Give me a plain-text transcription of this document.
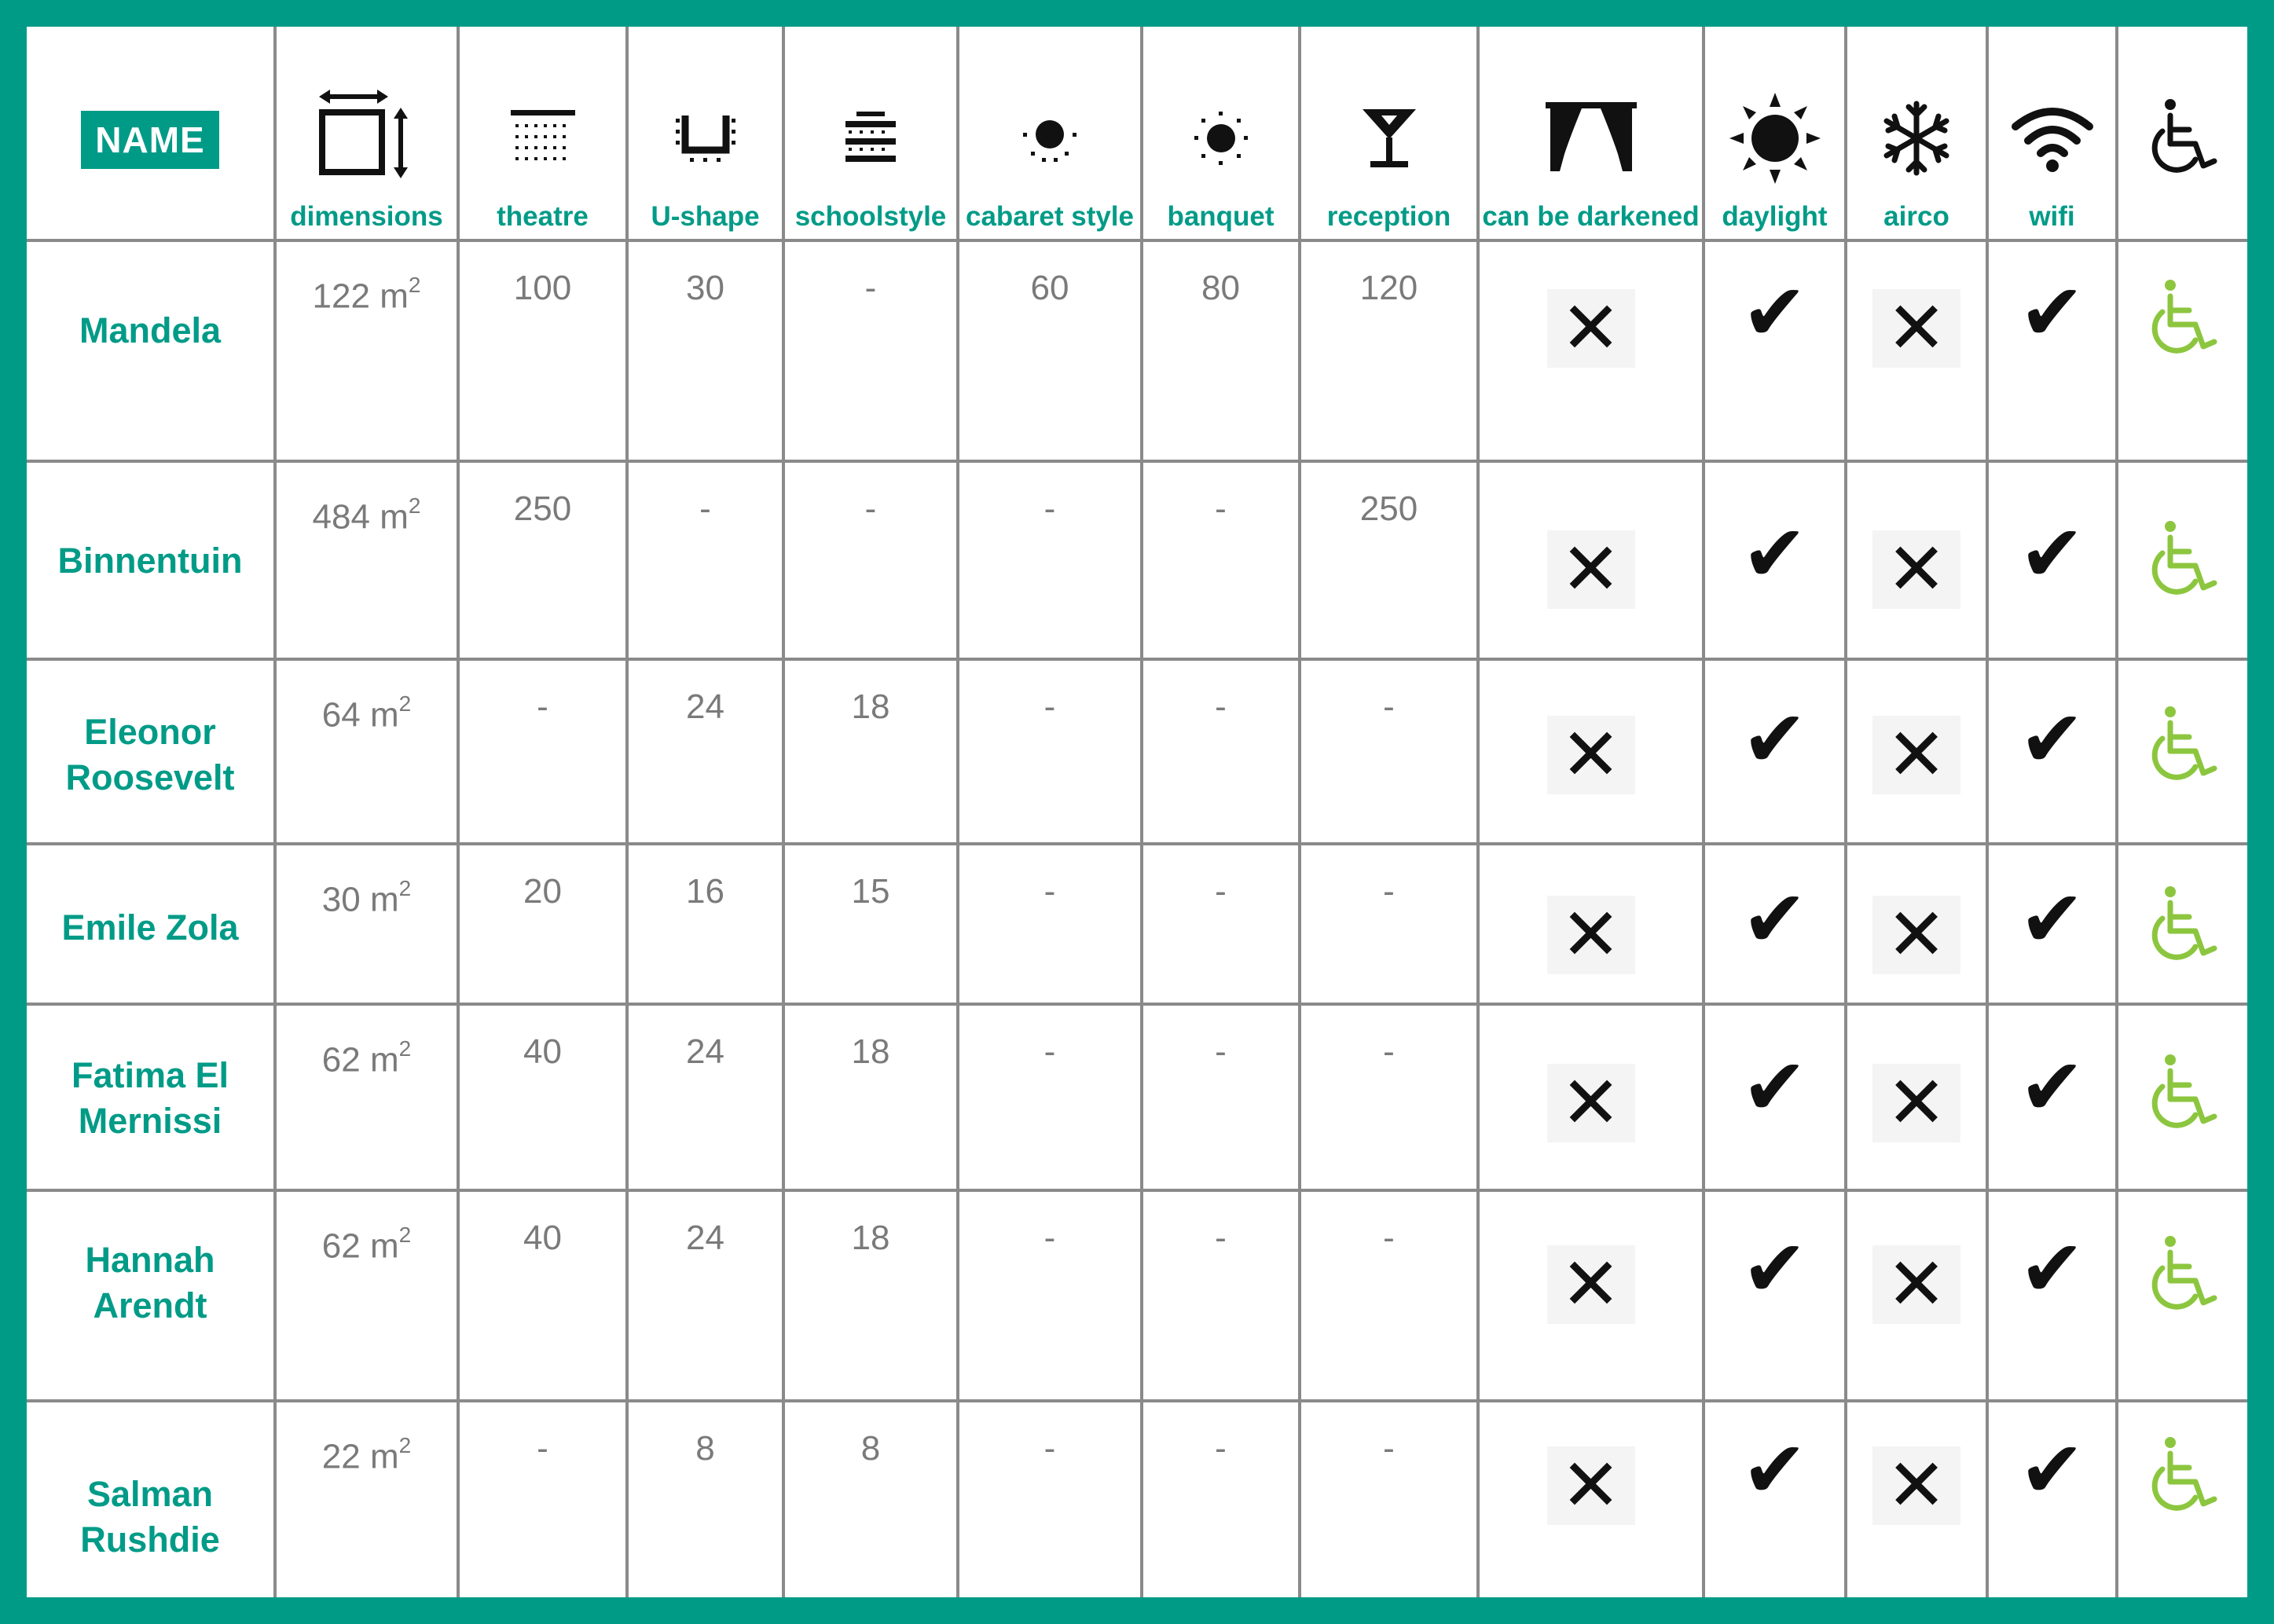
NAME	dimensions	theatre	U-shape	schoolstyle	cabaret style	banquet	reception	can be darkened	daylight	airco	wifi

Mandela	122 $m^2$	100	30	-	60	80	120	✕	✔	✕	✔	

Binnentuin	484 $m^2$	250	-	-	-	-	250	✕	✔	✕	✔	

Eleonor Roosevelt	64 $m^2$	-	24	18	-	-	-	✕	✔	✕	✔	

Emile Zola	30 $m^2$	20	16	15	-	-	-	✕	✔	✕	✔	

Fatima El Mernissi	62 $m^2$	40	24	18	-	-	-	✕	✔	✕	✔	

Hannah Arendt	62 $m^2$	40	24	18	-	-	-	✕	✔	✕	✔	

Salman Rushdie	22 $m^2$	-	8	8	-	-	-	✕	✔	✕	✔	
